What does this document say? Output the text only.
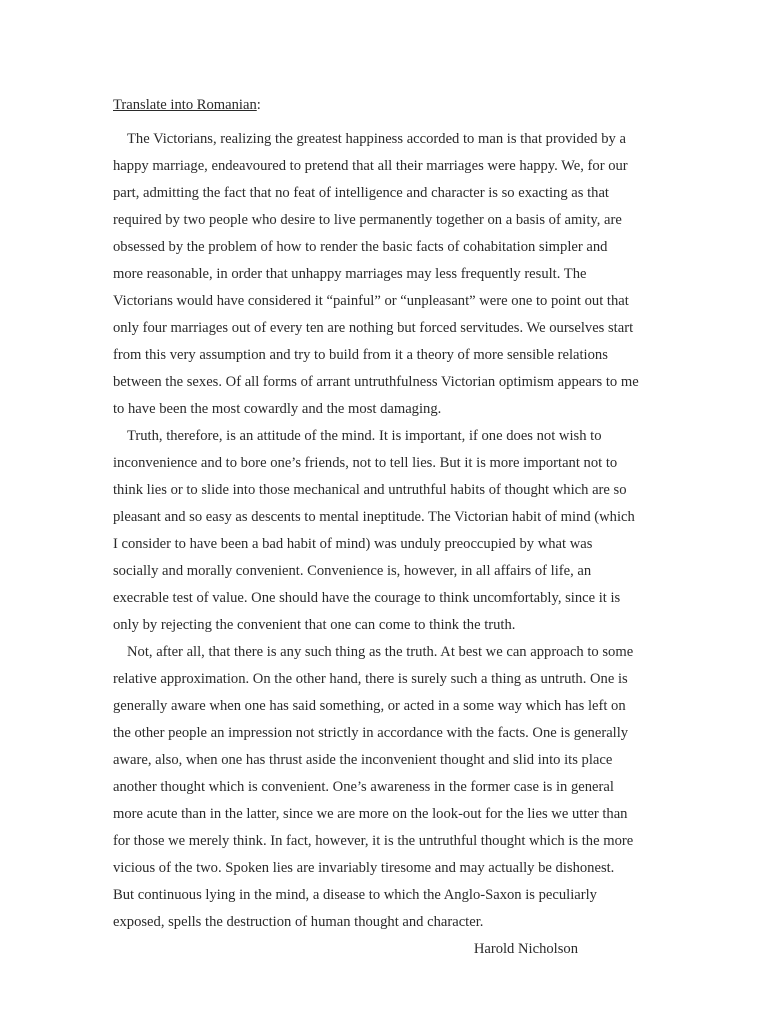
Translate into Romanian:

The Victorians, realizing the greatest happiness accorded to man is that provided by a
happy marriage, endeavoured to pretend that all their marriages were happy. We, for our
part, admitting the fact that no feat of intelligence and character is so exacting as that
required by two people who desire to live permanently together on a basis of amity, are
obsessed by the problem of how to render the basic facts of cohabitation simpler and
more reasonable, in order that unhappy marriages may less frequently result. The
Victorians would have considered it “painful” or “unpleasant” were one to point out that
only four marriages out of every ten are nothing but forced servitudes. We ourselves start
from this very assumption and try to build from it a theory of more sensible relations
between the sexes. Of all forms of arrant untruthfulness Victorian optimism appears to me
to have been the most cowardly and the most damaging.

Truth, therefore, is an attitude of the mind. It is important, if one does not wish to
inconvenience and to bore one’s friends, not to tell lies. But it is more important not to
think lies or to slide into those mechanical and untruthful habits of thought which are so
pleasant and so easy as descents to mental ineptitude. The Victorian habit of mind (which
I consider to have been a bad habit of mind) was unduly preoccupied by what was
socially and morally convenient. Convenience is, however, in all affairs of life, an
execrable test of value. One should have the courage to think uncomfortably, since it is
only by rejecting the convenient that one can come to think the truth.

Not, after all, that there is any such thing as the truth. At best we can approach to some
relative approximation. On the other hand, there is surely such a thing as untruth. One is
generally aware when one has said something, or acted in a some way which has left on
the other people an impression not strictly in accordance with the facts. One is generally
aware, also, when one has thrust aside the inconvenient thought and slid into its place
another thought which is convenient. One’s awareness in the former case is in general
more acute than in the latter, since we are more on the look-out for the lies we utter than
for those we merely think. In fact, however, it is the untruthful thought which is the more
vicious of the two. Spoken lies are invariably tiresome and may actually be dishonest.
But continuous lying in the mind, a disease to which the Anglo-Saxon is peculiarly
exposed, spells the destruction of human thought and character.

Harold Nicholson
